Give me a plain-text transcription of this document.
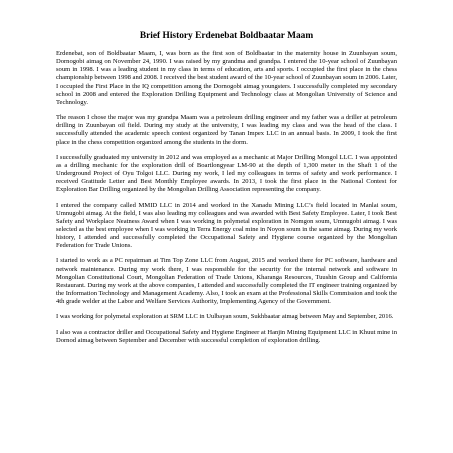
Brief History Erdenebat Boldbaatar Maam

Erdenebat, son of Boldbaatar Maam, I, was born as the first son of Boldbaatar in the maternity house in Zuunbayan soum, Dornogobi aimag on November 24, 1990. I was raised by my grandma and grandpa. I entered the 10-year school of Zuunbayan soum in 1998. I was a leading student in my class in terms of education, arts and sports. I occupied the first place in the chess championship between 1998 and 2008. I received the best student award of the 10-year school of Zuunbayan soum in 2006. Later, I occupied the First Place in the IQ competition among the Dornogobi aimag youngsters. I successfully completed my secondary school in 2008 and entered the Exploration Drilling Equipment and Technology class at Mongolian University of Science and Technology.

The reason I chose the major was my grandpa Maam was a petroleum drilling engineer and my father was a driller at petroleum drilling in Zuunbayan oil field. During my study at the university, I was leading my class and was the head of the class. I successfully attended the academic speech contest organized by Tanan Impex LLC in an annual basis. In 2009, I took the first place in the chess competition organized among the students in the dorm.

I successfully graduated my university in 2012 and was employed as a mechanic at Major Drilling Mongol LLC. I was appointed as a drilling mechanic for the exploration drill of Boartlongyear LM-90 at the depth of 1,300 meter in the Shaft 1 of the Underground Project of Oyu Tolgoi LLC. During my work, I led my colleagues in terms of safety and work performance. I received Gratitude Letter and Best Monthly Employee awards. In 2013, I took the first place in the National Contest for Exploration Bar Drilling organized by the Mongolian Drilling Association representing the company.

I entered the company called MMID LLC in 2014 and worked in the Xanadu Mining LLC’s field located in Manlai soum, Umnugobi aimag. At the field, I was also leading my colleagues and was awarded with Best Safety Employee. Later, I took Best Safety and Workplace Neatness Award when I was working in polymetal exploration in Nomgon soum, Umnugobi aimag. I was selected as the best employee when I was working in Terra Energy coal mine in Noyon soum in the same aimag. During my work history, I attended and successfully completed the Occupational Safety and Hygiene course organized by the Mongolian Federation for Trade Unions.

I started to work as a PC repairman at Tim Top Zone LLC from August, 2015 and worked there for PC software, hardware and network maintenance. During my work there, I was responsible for the security for the internal network and software in Mongolian Constitutional Court, Mongolian Federation of Trade Unions, Kharanga Resources, Tuushin Group and California Restaurant. During my work at the above companies, I attended and successfully completed the IT engineer training organized by the Information Technology and Management Academy. Also, I took an exam at the Professional Skills Commission and took the 4th grade welder at the Labor and Welfare Services Authority, Implementing Agency of the Government.

I was working for polymetal exploration at SRM LLC in Uulbayan soum, Sukhbaatar aimag between May and September, 2016.

I also was a contractor driller and Occupational Safety and Hygiene Engineer at Hanjin Mining Equipment LLC in Khuut mine in Dornod aimag between September and December with successful completion of exploration drilling.
